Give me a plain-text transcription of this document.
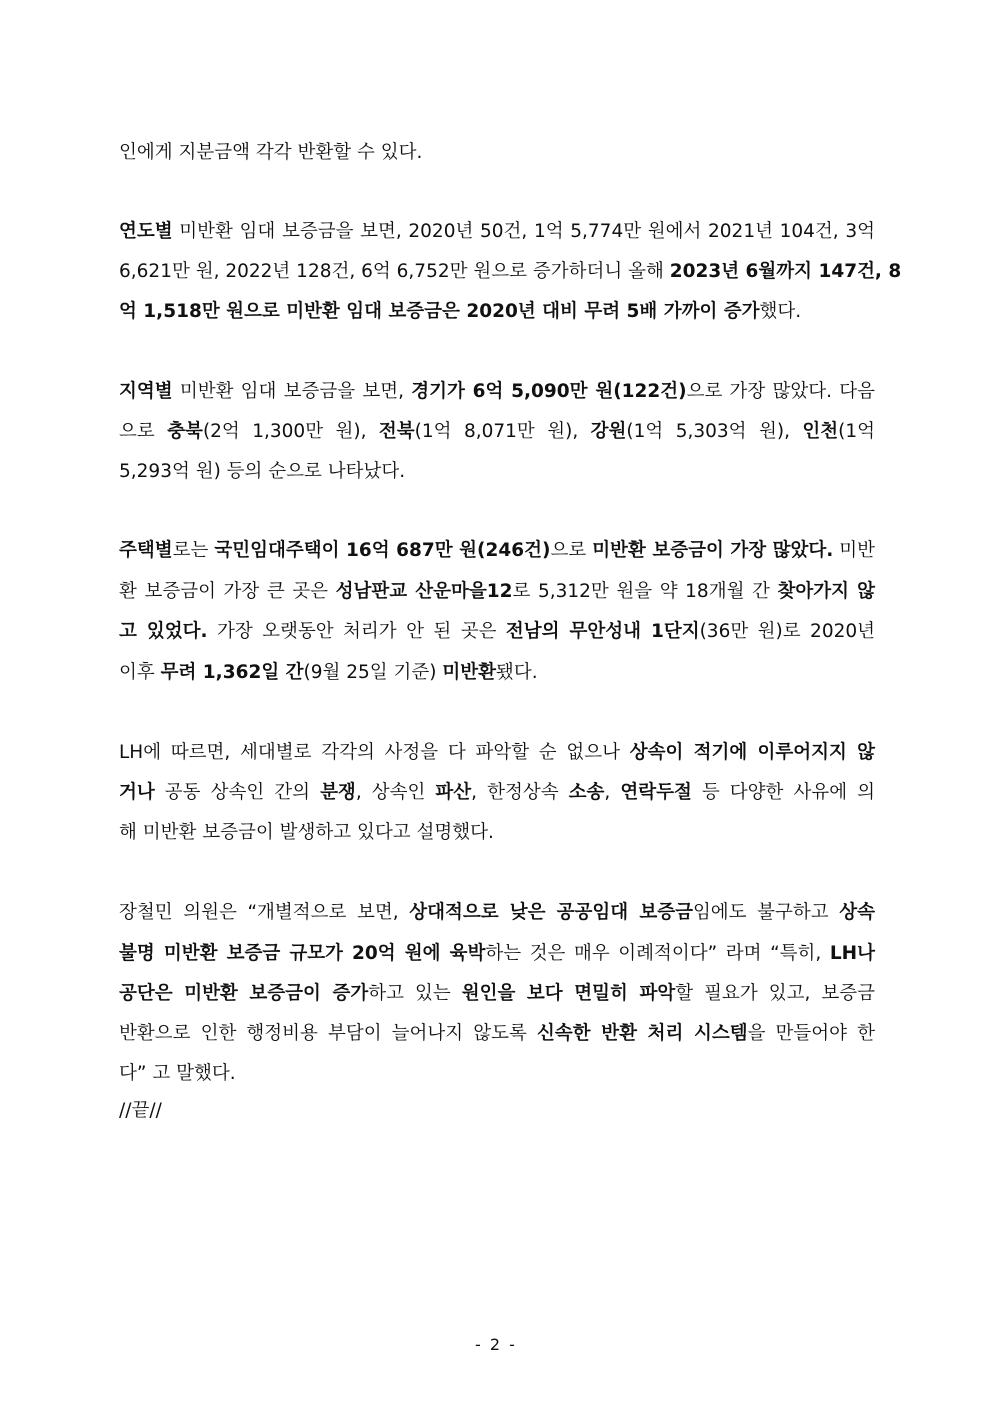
인에게 지분금액 각각 반환할 수 있다.
연도별 미반환 임대 보증금을 보면, 2020년 50건, 1억 5,774만 원에서 2021년 104건, 3억
6,621만 원, 2022년 128건, 6억 6,752만 원으로 증가하더니 올해 2023년 6월까지 147건, 8
억 1,518만 원으로 미반환 임대 보증금은 2020년 대비 무려 5배 가까이 증가했다.
지역별 미반환 임대 보증금을 보면, 경기가 6억 5,090만 원(122건)으로 가장 많았다. 다음
으로 충북(2억 1,300만 원), 전북(1억 8,071만 원), 강원(1억 5,303억 원), 인천(1억
5,293억 원) 등의 순으로 나타났다.
주택별로는 국민임대주택이 16억 687만 원(246건)으로 미반환 보증금이 가장 많았다. 미반
환 보증금이 가장 큰 곳은 성남판교 산운마을12로 5,312만 원을 약 18개월 간 찾아가지 않
고 있었다. 가장 오랫동안 처리가 안 된 곳은 전남의 무안성내 1단지(36만 원)로 2020년
이후 무려 1,362일 간(9월 25일 기준) 미반환됐다.
LH에 따르면, 세대별로 각각의 사정을 다 파악할 순 없으나 상속이 적기에 이루어지지 않
거나 공동 상속인 간의 분쟁, 상속인 파산, 한정상속 소송, 연락두절 등 다양한 사유에 의
해 미반환 보증금이 발생하고 있다고 설명했다.
장철민 의원은 “개별적으로 보면, 상대적으로 낮은 공공임대 보증금임에도 불구하고 상속
불명 미반환 보증금 규모가 20억 원에 육박하는 것은 매우 이례적이다” 라며 “특히, LH나
공단은 미반환 보증금이 증가하고 있는 원인을 보다 면밀히 파악할 필요가 있고, 보증금
반환으로 인한 행정비용 부담이 늘어나지 않도록 신속한 반환 처리 시스템을 만들어야 한
다” 고 말했다.
//끝//
- 2 -
